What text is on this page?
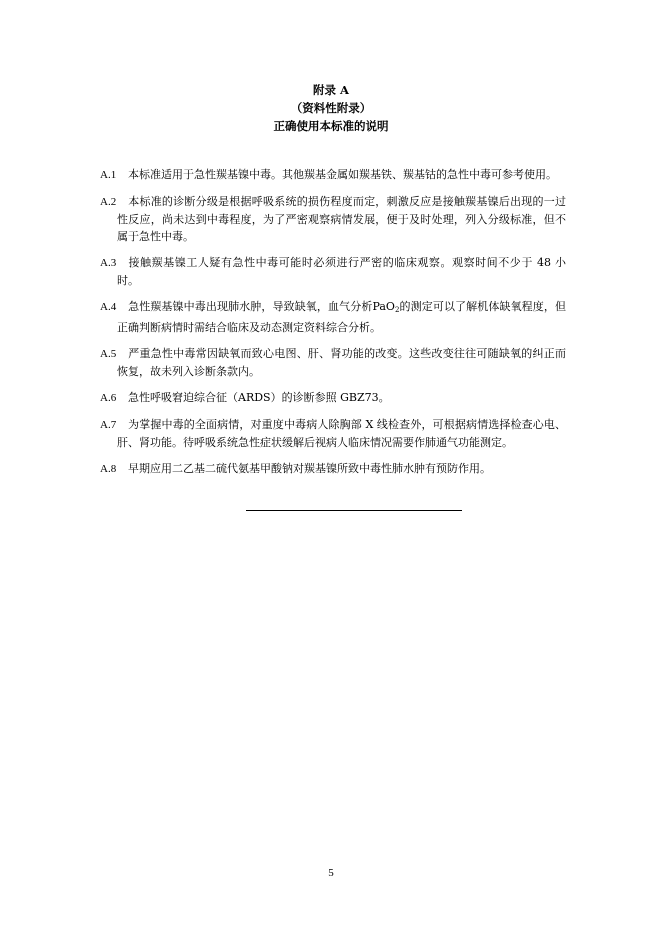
附录 A
（资料性附录）
正确使用本标准的说明
A.1 本标准适用于急性羰基镍中毒。其他羰基金属如羰基铁、羰基钴的急性中毒可参考使用。
A.2 本标准的诊断分级是根据呼吸系统的损伤程度而定，刺激反应是接触羰基镍后出现的一过性反应，尚未达到中毒程度，为了严密观察病情发展，便于及时处理，列入分级标准，但不属于急性中毒。
A.3 接触羰基镍工人疑有急性中毒可能时必须进行严密的临床观察。观察时间不少于 48 小时。
A.4 急性羰基镍中毒出现肺水肿，导致缺氧，血气分析PaO$_2$的测定可以了解机体缺氧程度，但正确判断病情时需结合临床及动态测定资料综合分析。
A.5 严重急性中毒常因缺氧而致心电图、肝、肾功能的改变。这些改变往往可随缺氧的纠正而恢复，故未列入诊断条款内。
A.6 急性呼吸窘迫综合征（ARDS）的诊断参照 GBZ73。
A.7 为掌握中毒的全面病情，对重度中毒病人除胸部 X 线检查外，可根据病情选择检查心电、肝、肾功能。待呼吸系统急性症状缓解后视病人临床情况需要作肺通气功能测定。
A.8 早期应用二乙基二硫代氨基甲酸钠对羰基镍所致中毒性肺水肿有预防作用。
5
